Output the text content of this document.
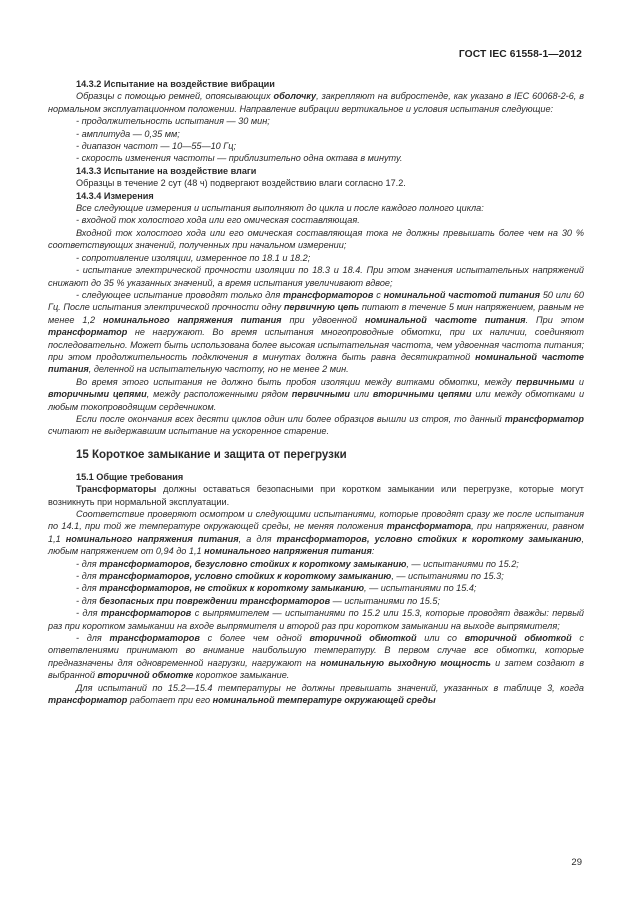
ГОСТ IEC 61558-1—2012

14.3.2 Испытание на воздействие вибрации

Образцы с помощью ремней, опоясывающих оболочку, закрепляют на вибростенде, как указано в IEC 60068-2-6, в нормальном эксплуатационном положении. Направление вибрации вертикальное и условия испытания следующие:

- продолжительность испытания — 30 мин;

- амплитуда — 0,35 мм;

- диапазон частот — 10—55—10 Гц;

- скорость изменения частоты — приблизительно одна октава в минуту.

14.3.3 Испытание на воздействие влаги

Образцы в течение 2 сут (48 ч) подвергают воздействию влаги согласно 17.2.

14.3.4 Измерения

Все следующие измерения и испытания выполняют до цикла и после каждого полного цикла:

- входной ток холостого хода или его омическая составляющая.

Входной ток холостого хода или его омическая составляющая тока не должны превышать более чем на 30 % соответствующих значений, полученных при начальном измерении;

- сопротивление изоляции, измеренное по 18.1 и 18.2;

- испытание электрической прочности изоляции по 18.3 и 18.4. При этом значения испытательных напряжений снижают до 35 % указанных значений, а время испытания увеличивают вдвое;

- следующее испытание проводят только для трансформаторов с номинальной частотой питания 50 или 60 Гц. После испытания электрической прочности одну первичную цепь питают в течение 5 мин напряжением, равным не менее 1,2 номинального напряжения питания при удвоенной номинальной частоте питания. При этом трансформатор не нагружают. Во время испытания многопроводные обмотки, при их наличии, соединяют последовательно. Может быть использована более высокая испытательная частота, чем удвоенная частота питания; при этом продолжительность подключения в минутах должна быть равна десятикратной номинальной частоте питания, деленной на испытательную частоту, но не менее 2 мин.

Во время этого испытания не должно быть пробоя изоляции между витками обмотки, между первичными и вторичными цепями, между расположенными рядом первичными или вторичными цепями или между обмотками и любым токопроводящим сердечником.

Если после окончания всех десяти циклов один или более образцов вышли из строя, то данный трансформатор считают не выдержавшим испытание на ускоренное старение.

15 Короткое замыкание и защита от перегрузки

15.1 Общие требования

Трансформаторы должны оставаться безопасными при коротком замыкании или перегрузке, которые могут возникнуть при нормальной эксплуатации.

Соответствие проверяют осмотром и следующими испытаниями, которые проводят сразу же после испытания по 14.1, при той же температуре окружающей среды, не меняя положения трансформатора, при напряжении, равном 1,1 номинального напряжения питания, а для трансформаторов, условно стойких к короткому замыканию, любым напряжением от 0,94 до 1,1 номинального напряжения питания:

- для трансформаторов, безусловно стойких к короткому замыканию, — испытаниями по 15.2;

- для трансформаторов, условно стойких к короткому замыканию, — испытаниями по 15.3;

- для трансформаторов, не стойких к короткому замыканию, — испытаниями по 15.4;

- для безопасных при повреждении трансформаторов — испытаниями по 15.5;

- для трансформаторов с выпрямителем — испытаниями по 15.2 или 15.3, которые проводят дважды: первый раз при коротком замыкании на входе выпрямителя и второй раз при коротком замыкании на выходе выпрямителя;

- для трансформаторов с более чем одной вторичной обмоткой или со вторичной обмоткой с ответвлениями принимают во внимание наибольшую температуру. В первом случае все обмотки, которые предназначены для одновременной нагрузки, нагружают на номинальную выходную мощность и затем создают в выбранной вторичной обмотке короткое замыкание.

Для испытаний по 15.2—15.4 температуры не должны превышать значений, указанных в таблице 3, когда трансформатор работает при его номинальной температуре окружающей среды

29
